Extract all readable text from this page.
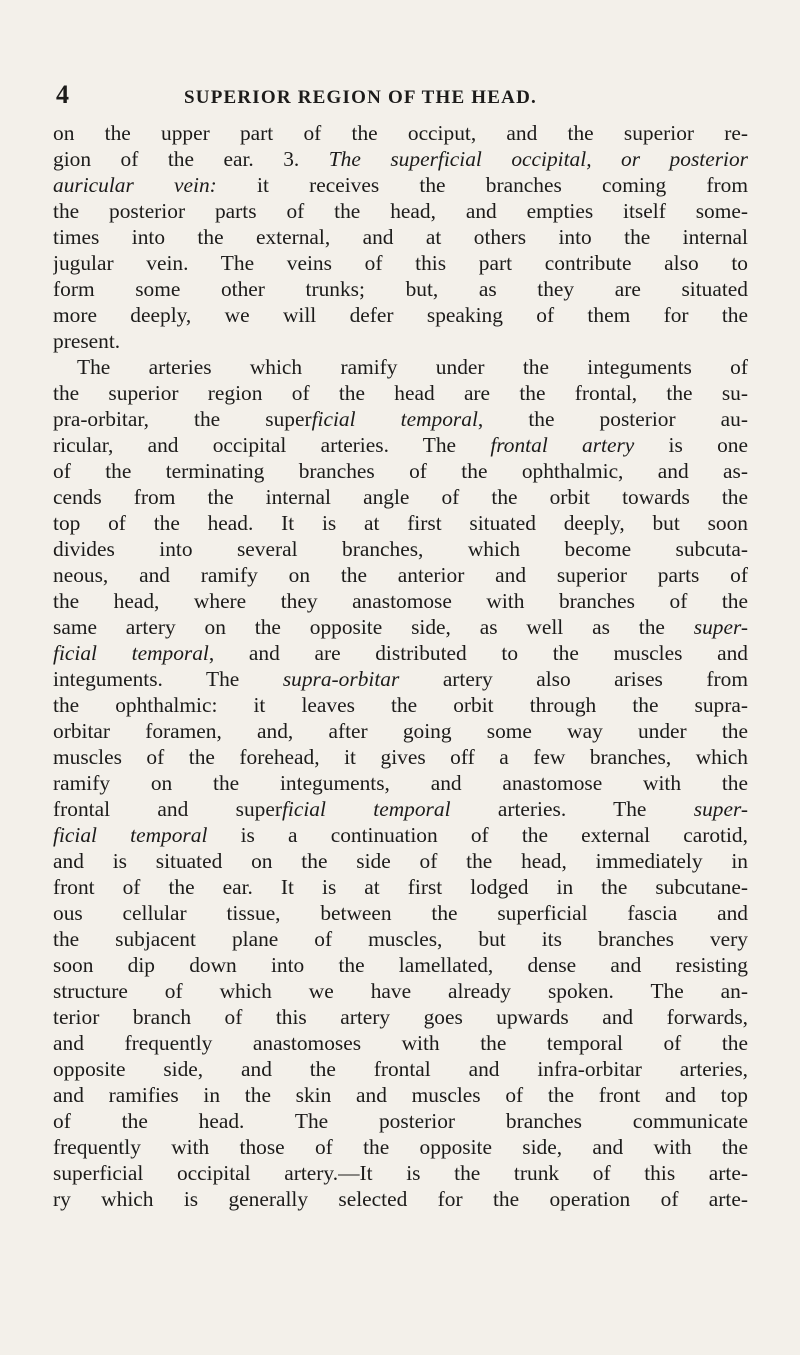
4	SUPERIOR REGION OF THE HEAD.
on the upper part of the occiput, and the superior re-
gion of the ear. 3. The superficial occipital, or posterior
auricular vein: it receives the branches coming from
the posterior parts of the head, and empties itself some-
times into the external, and at others into the internal
jugular vein. The veins of this part contribute also to
form some other trunks; but, as they are situated
more deeply, we will defer speaking of them for the
present.
The arteries which ramify under the integuments of
the superior region of the head are the frontal, the su-
pra-orbitar, the superficial temporal, the posterior au-
ricular, and occipital arteries. The frontal artery is one
of the terminating branches of the ophthalmic, and as-
cends from the internal angle of the orbit towards the
top of the head. It is at first situated deeply, but soon
divides into several branches, which become subcuta-
neous, and ramify on the anterior and superior parts of
the head, where they anastomose with branches of the
same artery on the opposite side, as well as the super-
ficial temporal, and are distributed to the muscles and
integuments. The supra-orbitar artery also arises from
the ophthalmic: it leaves the orbit through the supra-
orbitar foramen, and, after going some way under the
muscles of the forehead, it gives off a few branches, which
ramify on the integuments, and anastomose with the
frontal and superficial temporal arteries. The super-
ficial temporal is a continuation of the external carotid,
and is situated on the side of the head, immediately in
front of the ear. It is at first lodged in the subcutane-
ous cellular tissue, between the superficial fascia and
the subjacent plane of muscles, but its branches very
soon dip down into the lamellated, dense and resisting
structure of which we have already spoken. The an-
terior branch of this artery goes upwards and forwards,
and frequently anastomoses with the temporal of the
opposite side, and the frontal and infra-orbitar arteries,
and ramifies in the skin and muscles of the front and top
of the head. The posterior branches communicate
frequently with those of the opposite side, and with the
superficial occipital artery.—It is the trunk of this arte-
ry which is generally selected for the operation of arte-
